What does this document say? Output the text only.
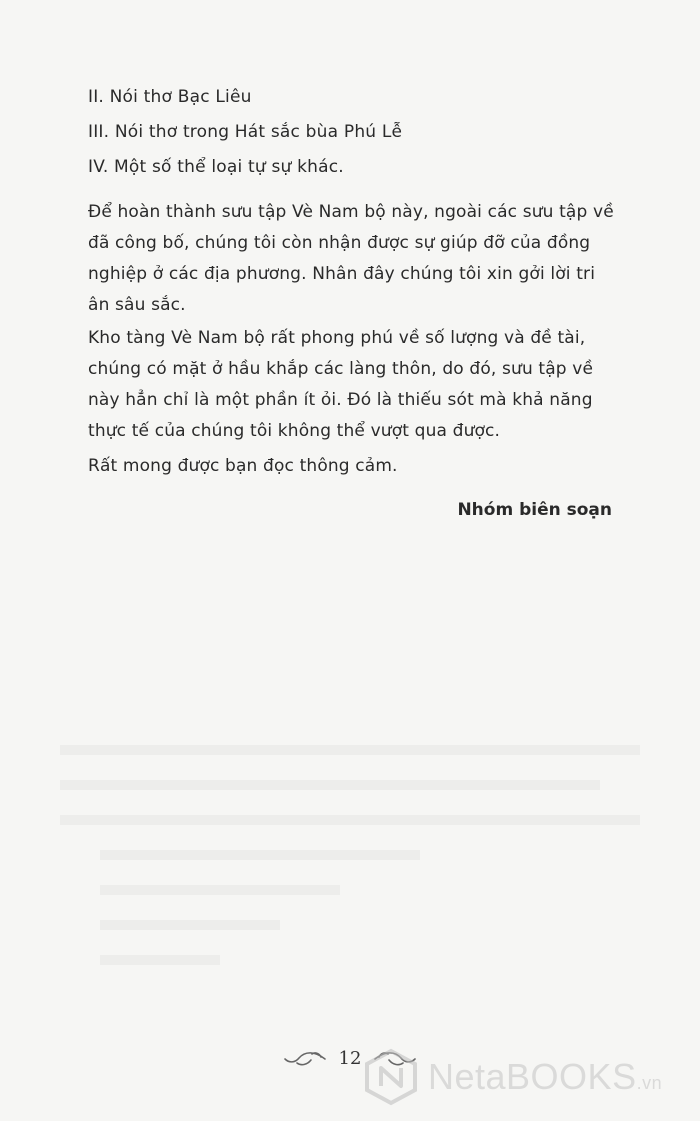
II. Nói thơ Bạc Liêu
III. Nói thơ trong Hát sắc bùa Phú Lễ
IV. Một số thể loại tự sự khác.
Để hoàn thành sưu tập Vè Nam bộ này, ngoài các sưu tập về
đã công bố, chúng tôi còn nhận được sự giúp đỡ của đồng
nghiệp ở các địa phương. Nhân đây chúng tôi xin gởi lời tri
ân sâu sắc.
Kho tàng Vè Nam bộ rất phong phú về số lượng và đề tài,
chúng có mặt ở hầu khắp các làng thôn, do đó, sưu tập về
này hẳn chỉ là một phần ít ỏi. Đó là thiếu sót mà khả năng
thực tế của chúng tôi không thể vượt qua được.
Rất mong được bạn đọc thông cảm.
Nhóm biên soạn
12 NetaBOOKS.vn
